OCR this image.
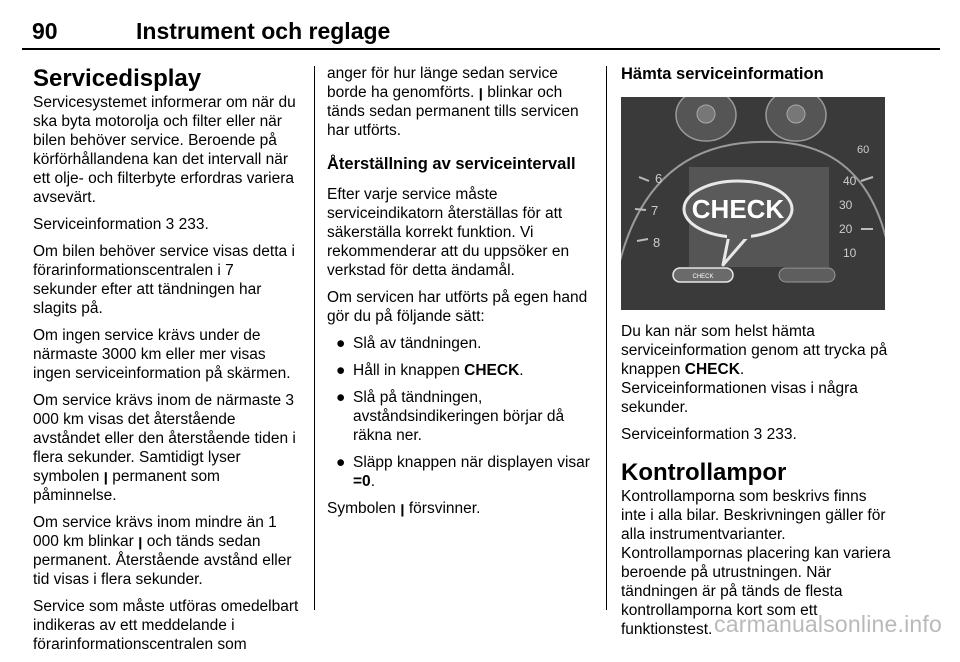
90	Instrument och reglage
Servicedisplay

Servicesystemet informerar om när du ska byta motorolja och filter eller när bilen behöver service. Beroende på körförhållandena kan det intervall när ett olje- och filterbyte erfordras variera avsevärt.

Serviceinformation 3 233.

Om bilen behöver service visas detta i förarinformationscentralen i 7 sekunder efter att tändningen har slagits på.

Om ingen service krävs under de närmaste 3000 km eller mer visas ingen serviceinformation på skärmen.

Om service krävs inom de närmaste 3 000 km visas det återstående avståndet eller den återstående tiden i flera sekunder. Samtidigt lyser symbolen ꞁ permanent som påminnelse.

Om service krävs inom mindre än 1 000 km blinkar ꞁ och tänds sedan permanent. Återstående avstånd eller tid visas i flera sekunder.

Service som måste utföras omedelbart indikeras av ett meddelande i förarinformationscentralen som

anger för hur länge sedan service borde ha genomförts. ꞁ blinkar och tänds sedan permanent tills servicen har utförts.

Återställning av serviceintervall

Efter varje service måste serviceindikatorn återställas för att säkerställa korrekt funktion. Vi rekommenderar att du uppsöker en verkstad för detta ändamål.

Om servicen har utförts på egen hand gör du på följande sätt:

● Slå av tändningen.
● Håll in knappen CHECK.
● Slå på tändningen, avståndsindikeringen börjar då räkna ner.
● Släpp knappen när displayen visar =0.

Symbolen ꞁ försvinner.

Hämta serviceinformation
6
7
8
60
40
30
20
10
CHECK
CHECK

Du kan när som helst hämta serviceinformation genom att trycka på knappen CHECK. Serviceinformationen visas i några sekunder.

Serviceinformation 3 233.

Kontrollampor

Kontrollamporna som beskrivs finns inte i alla bilar. Beskrivningen gäller för alla instrumentvarianter. Kontrollampornas placering kan variera beroende på utrustningen. När tändningen är på tänds de flesta kontrollamporna kort som ett funktionstest. carmanualsonline.info
